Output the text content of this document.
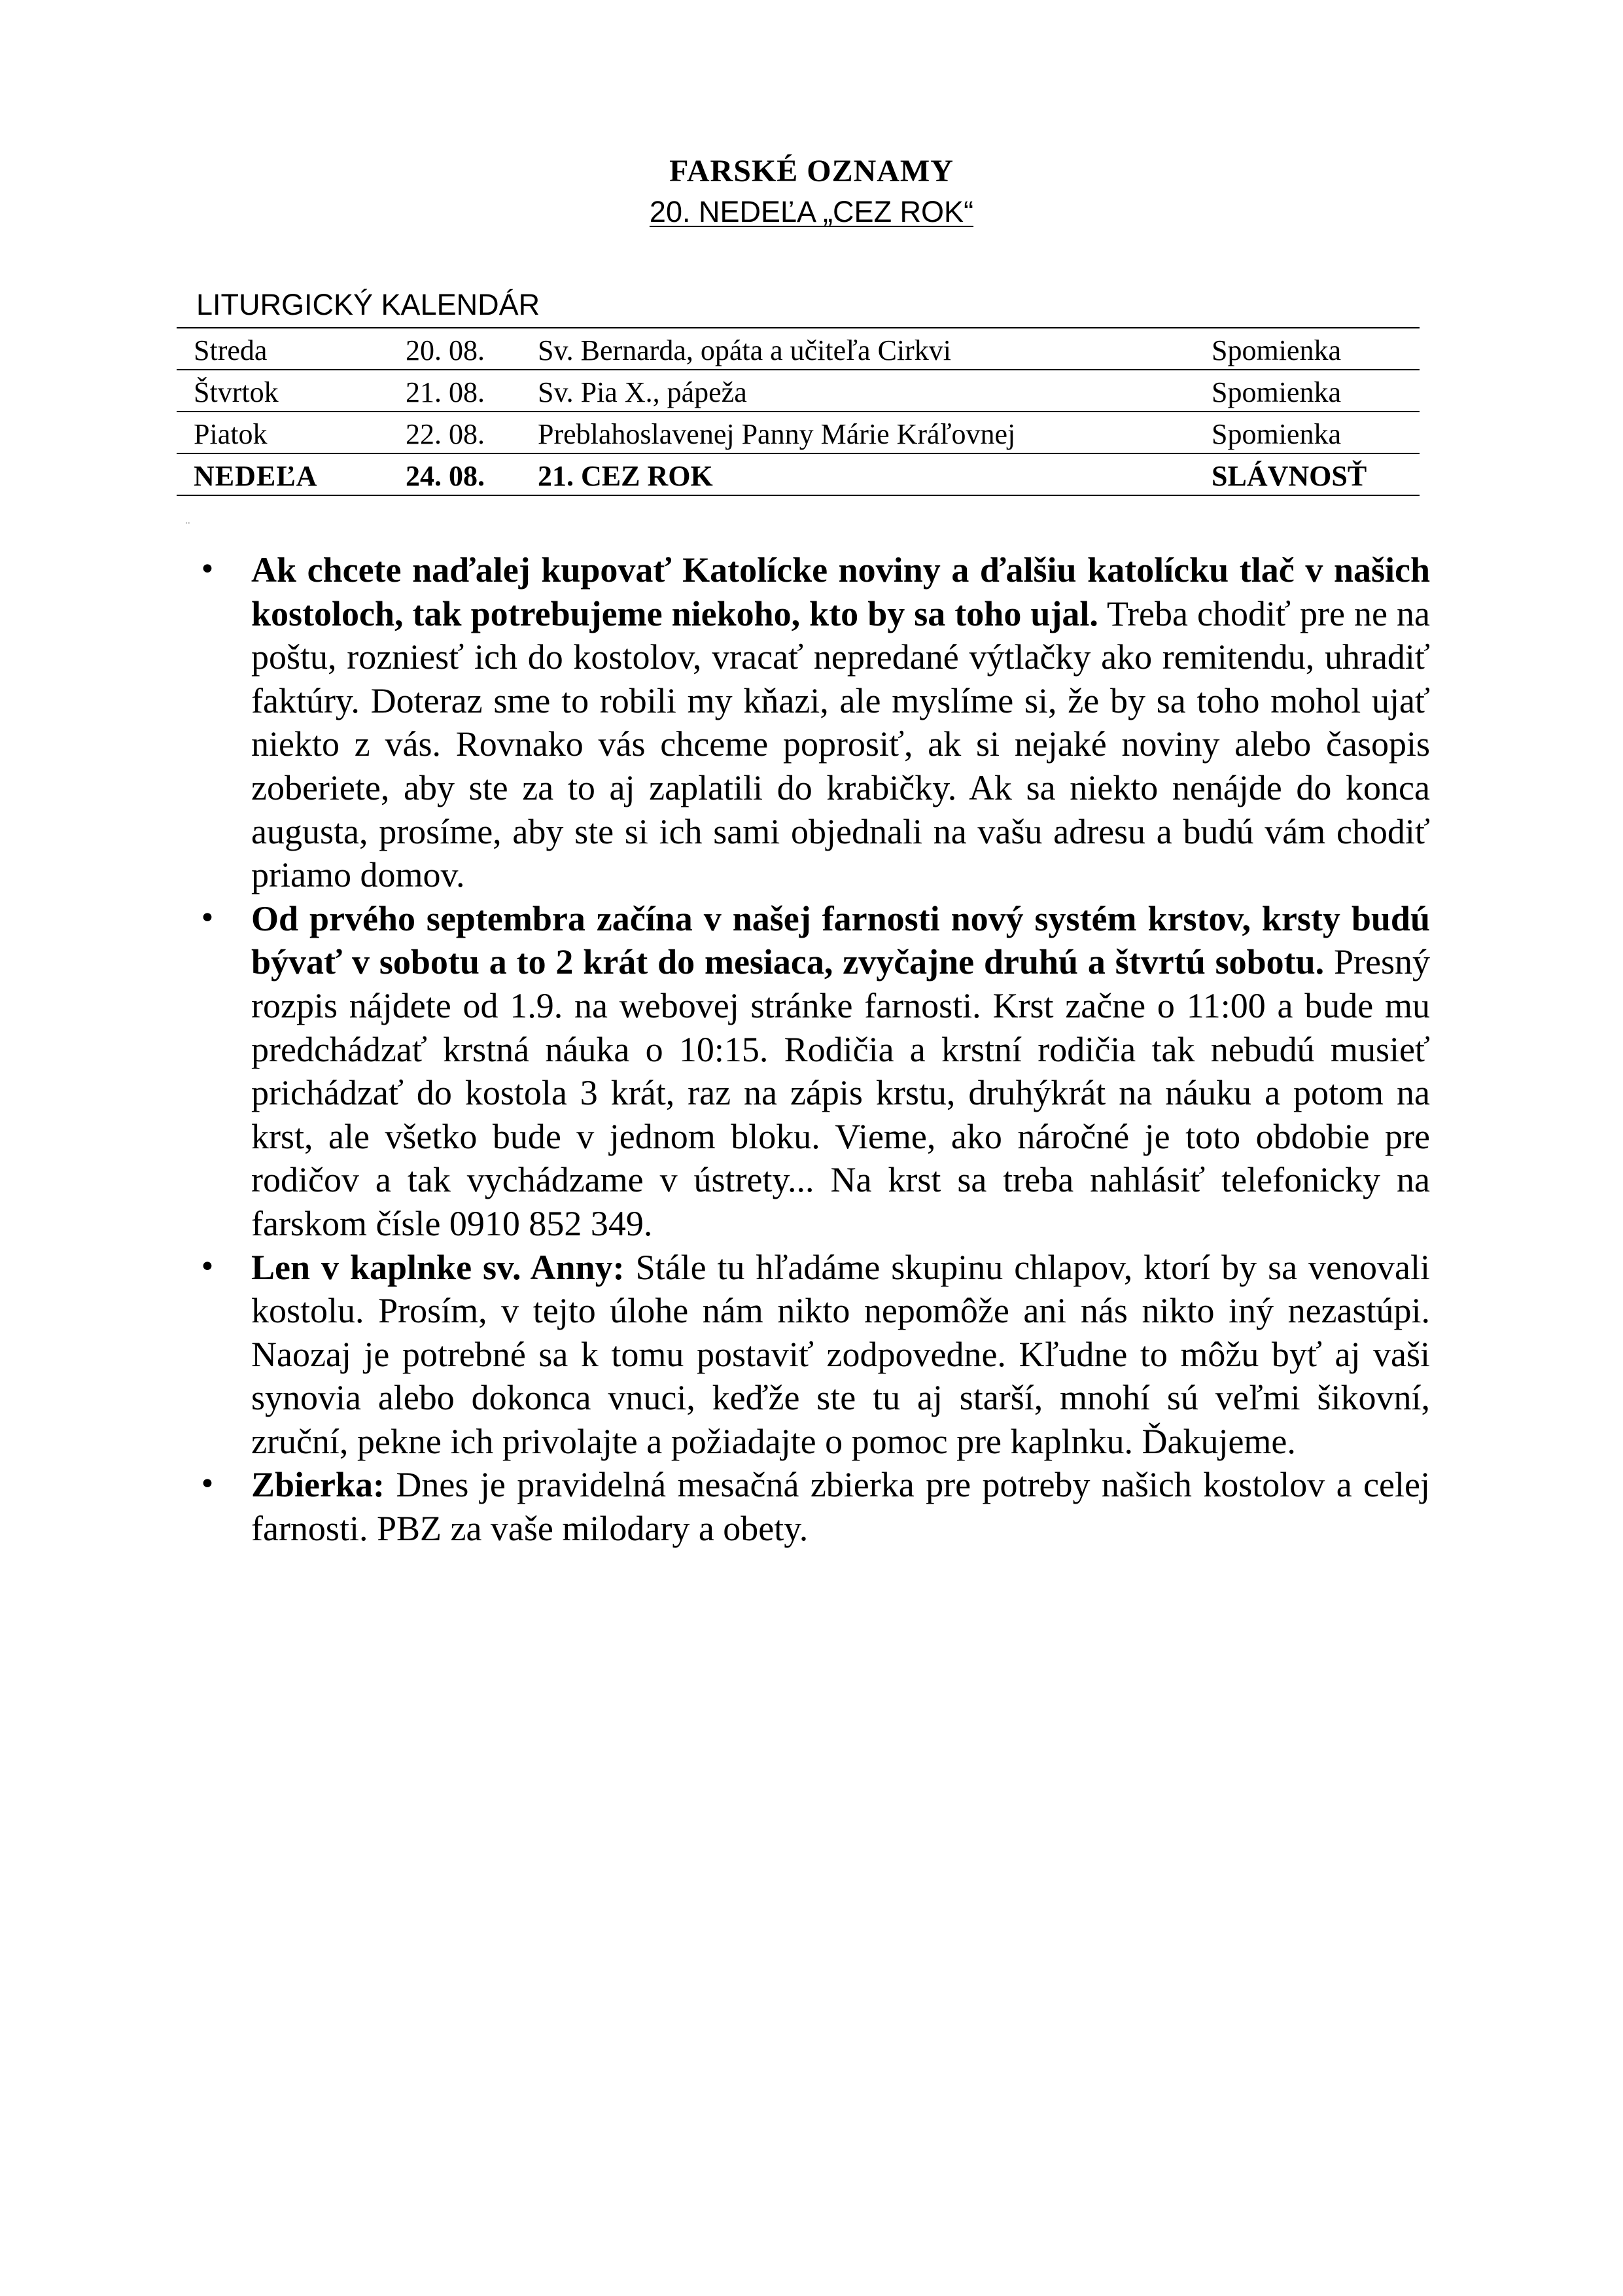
FARSKÉ OZNAMY
20. NEDEĽA „CEZ ROK“
LITURGICKÝ KALENDÁR
Streda	20. 08. Sv. Bernarda, opáta a učiteľa Cirkvi	Spomienka
Štvrtok	21. 08. Sv. Pia X., pápeža	Spomienka
Piatok	22. 08. Preblahoslavenej Panny Márie Kráľovnej	Spomienka
NEDEĽA	24. 08. 21. CEZ ROK	SLÁVNOSŤ
..
• Ak chcete naďalej kupovať Katolícke noviny a ďalšiu katolícku tlač v našich kostoloch, tak potrebujeme niekoho, kto by sa toho ujal. Treba chodiť pre ne na poštu, rozniesť ich do kostolov, vracať nepredané výtlačky ako remitendu, uhradiť faktúry. Doteraz sme to robili my kňazi, ale myslíme si, že by sa toho mohol ujať niekto z vás. Rovnako vás chceme poprosiť, ak si nejaké noviny alebo časopis zoberiete, aby ste za to aj zaplatili do krabičky. Ak sa niekto nenájde do konca augusta, prosíme, aby ste si ich sami objednali na vašu adresu a budú vám chodiť priamo domov.
• Od prvého septembra začína v našej farnosti nový systém krstov, krsty budú bývať v sobotu a to 2 krát do mesiaca, zvyčajne druhú a štvrtú sobotu. Presný rozpis nájdete od 1.9. na webovej stránke farnosti. Krst začne o 11:00 a bude mu predchádzať krstná náuka o 10:15. Rodičia a krstní rodičia tak nebudú musieť prichádzať do kostola 3 krát, raz na zápis krstu, druhýkrát na náuku a potom na krst, ale všetko bude v jednom bloku. Vieme, ako náročné je toto obdobie pre rodičov a tak vychádzame v ústrety... Na krst sa treba nahlásiť telefonicky na farskom čísle 0910 852 349.
• Len v kaplnke sv. Anny: Stále tu hľadáme skupinu chlapov, ktorí by sa venovali kostolu. Prosím, v tejto úlohe nám nikto nepomôže ani nás nikto iný nezastúpi. Naozaj je potrebné sa k tomu postaviť zodpovedne. Kľudne to môžu byť aj vaši synovia alebo dokonca vnuci, keďže ste tu aj starší, mnohí sú veľmi šikovní, zruční, pekne ich privolajte a požiadajte o pomoc pre kaplnku. Ďakujeme.
• Zbierka: Dnes je pravidelná mesačná zbierka pre potreby našich kostolov a celej farnosti. PBZ za vaše milodary a obety.
